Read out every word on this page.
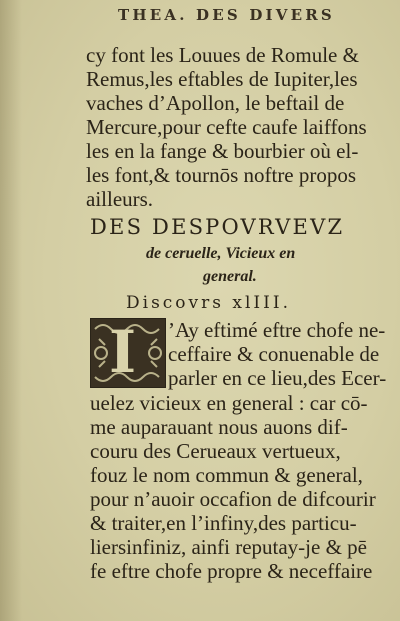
THEA. DES DIVERS
cy font les Louues de Romule &
Remus,les eftables de Iupiter,les
vaches d’Apollon, le beftail de
Mercure,pour cefte caufe laiffons
les en la fange & bourbier où el-
les font,& tournōs noftre propos
ailleurs.
DES DESPOVRVEVZ
de ceruelle, Vicieux en
general.
Discovrs xlIII.
I ’Ay eftimé eftre chofe ne-
ceffaire & conuenable de
parler en ce lieu,des Ecer-
uelez vicieux en general : car cō-
me auparauant nous auons dif-
couru des Cerueaux vertueux,
fouz le nom commun & general,
pour n’auoir occafion de difcourir
& traiter,en l’infiny,des particu-
liersinfiniz, ainfi reputay-je & pē
fe eftre chofe propre & neceffaire
